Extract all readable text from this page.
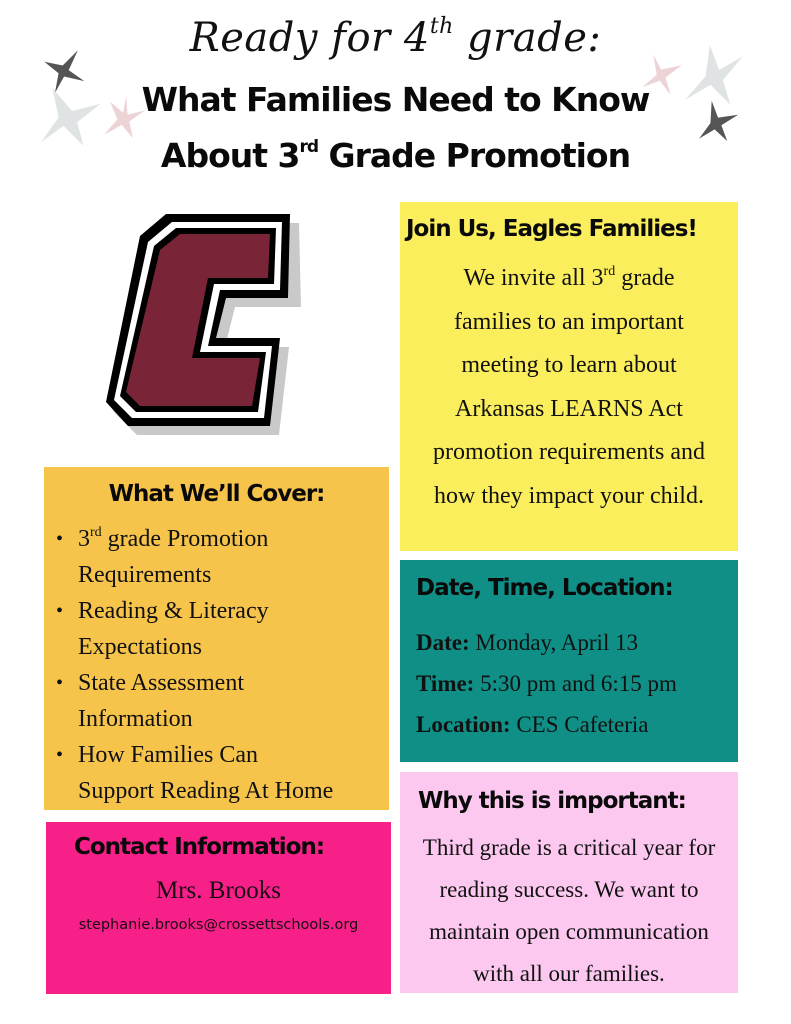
Ready for 4th grade:
What Families Need to Know
About 3rd Grade Promotion
Join Us, Eagles Families!
We invite all 3rd grade
families to an important
meeting to learn about
Arkansas LEARNS Act
promotion requirements and
how they impact your child.
What We’ll Cover:
• 3rd grade Promotion
Requirements
• Reading & Literacy
Expectations
• State Assessment
Information
• How Families Can
Support Reading At Home
Date, Time, Location:
Date: Monday, April 13
Time: 5:30 pm and 6:15 pm
Location: CES Cafeteria
Why this is important:
Third grade is a critical year for
reading success. We want to
maintain open communication
with all our families.
Contact Information:
Mrs. Brooks
stephanie.brooks@crossettschools.org
